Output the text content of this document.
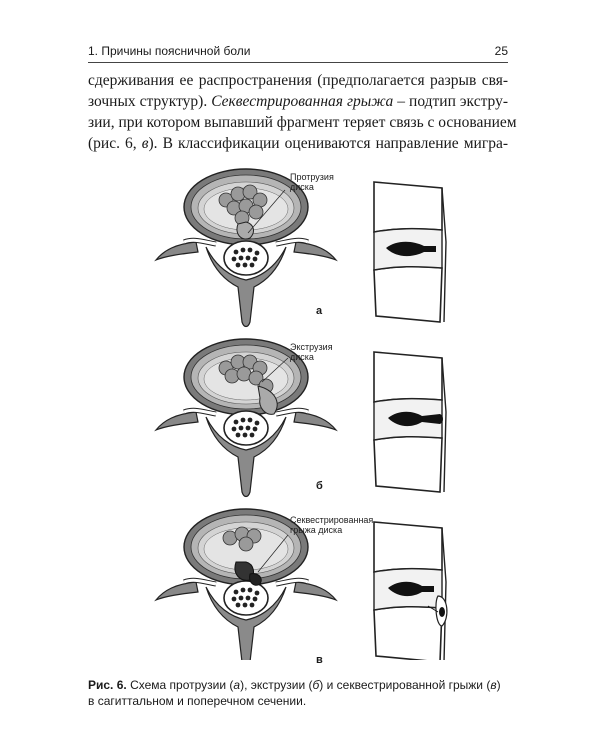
1. Причины поясничной боли	25
сдерживания ее распространения (предполагается разрыв свя-
зочных структур). Секвестрированная грыжа – подтип экстру-
зии, при котором выпавший фрагмент теряет связь с основанием
(рис. 6, в). В классификации оцениваются направление мигра-
Протрузия
диска
а
Экструзия
диска
б
Секвестрированная
грыжа диска
в
Рис. 6. Схема протрузии (а), экструзии (б) и секвестрированной грыжи (в) в сагиттальном и поперечном сечении.
